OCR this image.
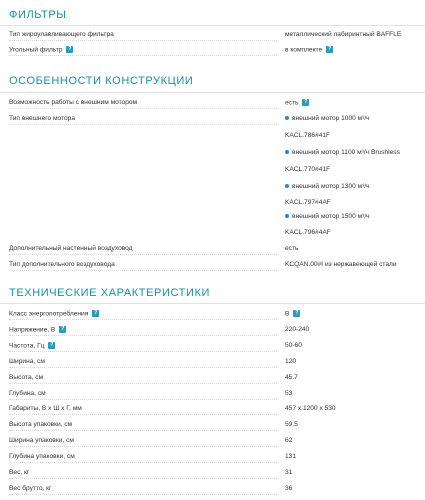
ФИЛЬТРЫ
Тип жироулавливающего фильтра	металлический лабиринтный BAFFLE
Угольный фильтр ?	в комплекте ?
ОСОБЕННОСТИ КОНСТРУКЦИИ
Возможность работы с внешним мотором	есть ?
Тип внешнего мотора	внешний мотор 1000 м³/ч
KACL.786#41F
внешний мотор 1100 м³/ч Brushless
KACL.770#41F
внешний мотор 1300 м³/ч
KACL.797#4AF
внешний мотор 1500 м³/ч
KACL.796#4AF
Дополнительный настенный воздуховод	есть
Тип дополнительного воздуховода	KCQAN.00#I из нержавеющей стали
ТЕХНИЧЕСКИЕ ХАРАКТЕРИСТИКИ
Класс энергопотребления ?	B ?
Напряжение, В ?	220-240
Частота, Гц ?	50-60
Ширина, см	120
Высота, см	45.7
Глубина, см	53
Габариты, В x Ш x Г, мм	457 x 1200 x 530
Высота упаковки, см	59.5
Ширина упаковки, см	62
Глубина упаковки, см	131
Вес, кг	31
Вес брутто, кг	36
